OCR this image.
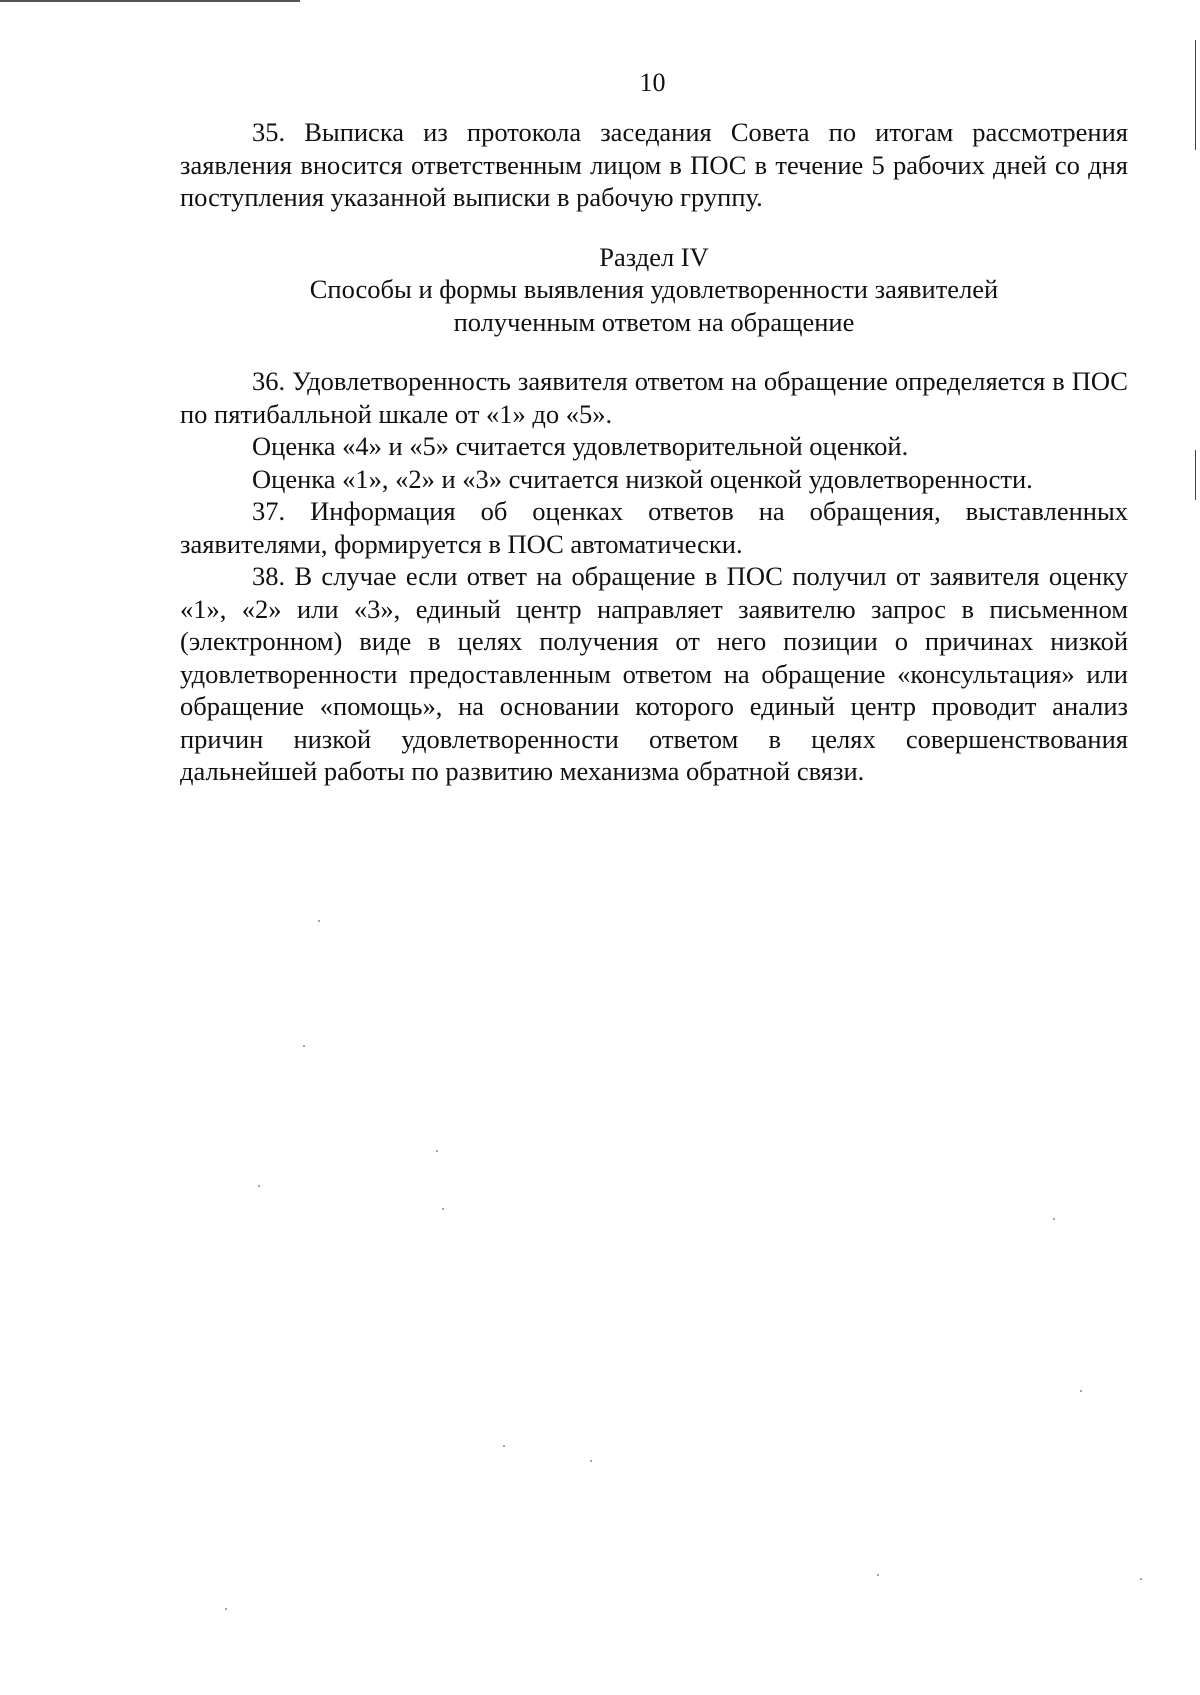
10

35. Выписка из протокола заседания Совета по итогам рассмотрения заявления вносится ответственным лицом в ПОС в течение 5 рабочих дней со дня поступления указанной выписки в рабочую группу.

Раздел IV
Способы и формы выявления удовлетворенности заявителей
полученным ответом на обращение

36. Удовлетворенность заявителя ответом на обращение определяется в ПОС по пятибалльной шкале от «1» до «5».

Оценка «4» и «5» считается удовлетворительной оценкой.

Оценка «1», «2» и «3» считается низкой оценкой удовлетворенности.

37. Информация об оценках ответов на обращения, выставленных заявителями, формируется в ПОС автоматически.

38. В случае если ответ на обращение в ПОС получил от заявителя оценку «1», «2» или «3», единый центр направляет заявителю запрос в письменном (электронном) виде в целях получения от него позиции о причинах низкой удовлетворенности предоставленным ответом на обращение «консультация» или обращение «помощь», на основании которого единый центр проводит анализ причин низкой удовлетворенности ответом в целях совершенствования дальнейшей работы по развитию механизма обратной связи.
